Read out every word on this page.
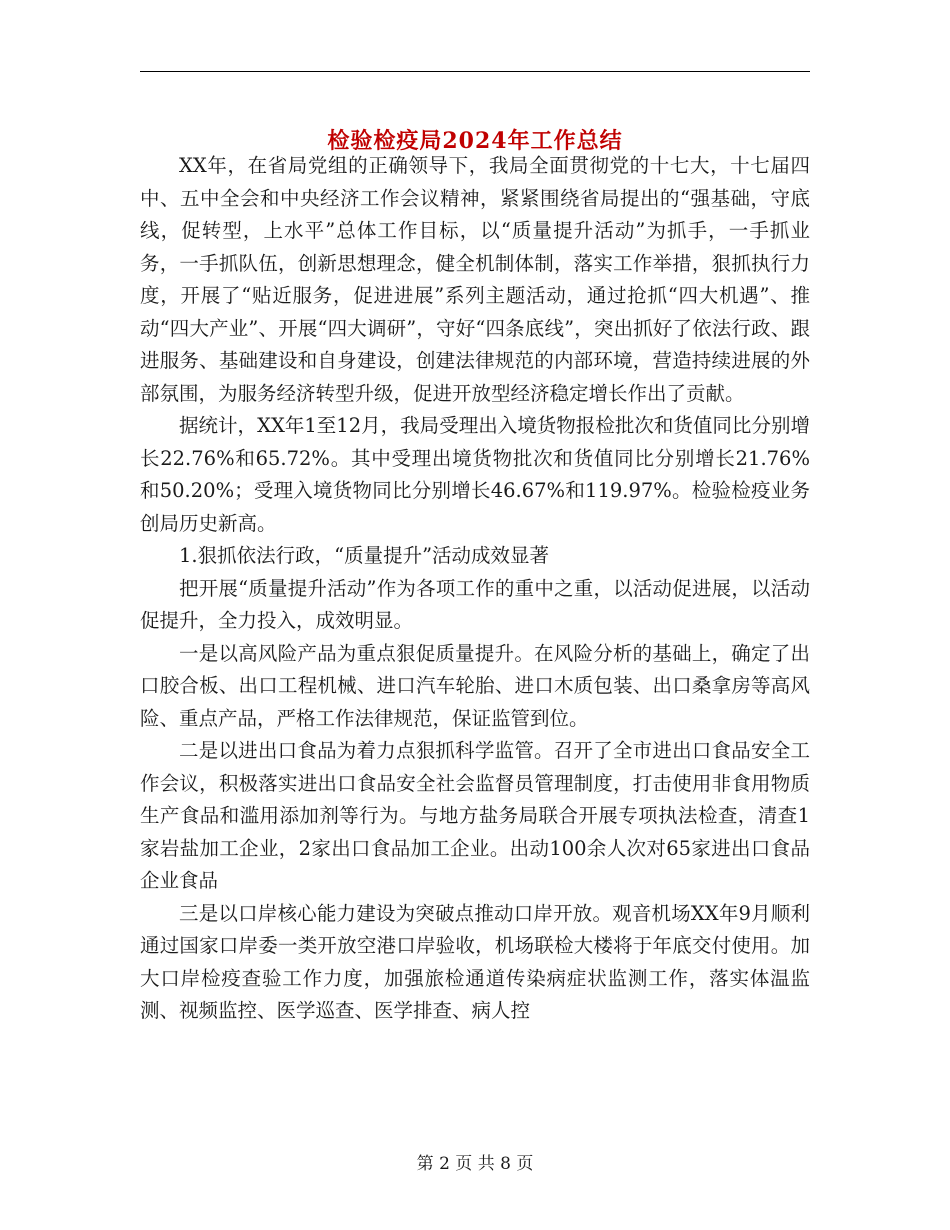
检验检疫局2024年工作总结

XX年，在省局党组的正确领导下，我局全面贯彻党的十七大，十七届四中、五中全会和中央经济工作会议精神，紧紧围绕省局提出的“强基础，守底线，促转型，上水平”总体工作目标，以“质量提升活动”为抓手，一手抓业务，一手抓队伍，创新思想理念，健全机制体制，落实工作举措，狠抓执行力度，开展了“贴近服务，促进进展”系列主题活动，通过抢抓“四大机遇”、推动“四大产业”、开展“四大调研”，守好“四条底线”，突出抓好了依法行政、跟进服务、基础建设和自身建设，创建法律规范的内部环境，营造持续进展的外部氛围，为服务经济转型升级，促进开放型经济稳定增长作出了贡献。

据统计，XX年1至12月，我局受理出入境货物报检批次和货值同比分别增长22.76%和65.72%。其中受理出境货物批次和货值同比分别增长21.76%和50.20%；受理入境货物同比分别增长46.67%和119.97%。检验检疫业务创局历史新高。

1.狠抓依法行政，“质量提升”活动成效显著

把开展“质量提升活动”作为各项工作的重中之重，以活动促进展，以活动促提升，全力投入，成效明显。

一是以高风险产品为重点狠促质量提升。在风险分析的基础上，确定了出口胶合板、出口工程机械、进口汽车轮胎、进口木质包装、出口桑拿房等高风险、重点产品，严格工作法律规范，保证监管到位。

二是以进出口食品为着力点狠抓科学监管。召开了全市进出口食品安全工作会议，积极落实进出口食品安全社会监督员管理制度，打击使用非食用物质生产食品和滥用添加剂等行为。与地方盐务局联合开展专项执法检查，清查1家岩盐加工企业，2家出口食品加工企业。出动100余人次对65家进出口食品企业食品

三是以口岸核心能力建设为突破点推动口岸开放。观音机场XX年9月顺利通过国家口岸委一类开放空港口岸验收，机场联检大楼将于年底交付使用。加大口岸检疫查验工作力度，加强旅检通道传染病症状监测工作，落实体温监测、视频监控、医学巡查、医学排查、病人控

第 2 页 共 8 页
